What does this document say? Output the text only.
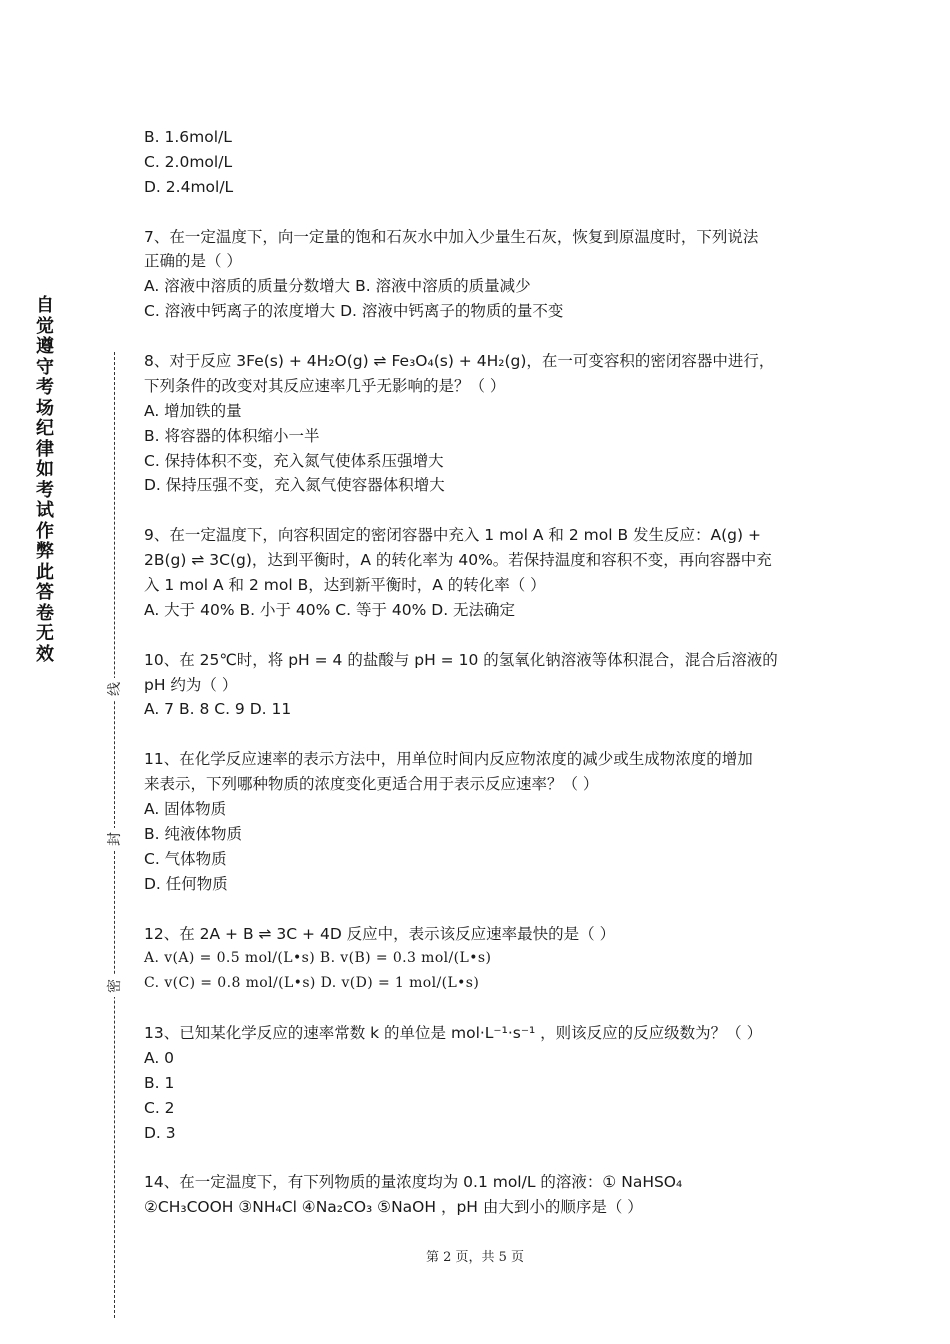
自觉遵守考场纪律如考试作弊此答卷无效
线
封
密
B. 1.6mol/L
C. 2.0mol/L
D. 2.4mol/L
7、在一定温度下，向一定量的饱和石灰水中加入少量生石灰，恢复到原温度时，下列说法
正确的是（ ）
A. 溶液中溶质的质量分数增大 B. 溶液中溶质的质量减少
C. 溶液中钙离子的浓度增大 D. 溶液中钙离子的物质的量不变
8、对于反应 3Fe(s) + 4H₂O(g) ⇌ Fe₃O₄(s) + 4H₂(g)，在一可变容积的密闭容器中进行，
下列条件的改变对其反应速率几乎无影响的是？（ ）
A. 增加铁的量
B. 将容器的体积缩小一半
C. 保持体积不变，充入氮气使体系压强增大
D. 保持压强不变，充入氮气使容器体积增大
9、在一定温度下，向容积固定的密闭容器中充入 1 mol A 和 2 mol B 发生反应：A(g) +
2B(g) ⇌ 3C(g)，达到平衡时，A 的转化率为 40%。若保持温度和容积不变，再向容器中充
入 1 mol A 和 2 mol B，达到新平衡时，A 的转化率（ ）
A. 大于 40% B. 小于 40% C. 等于 40% D. 无法确定
10、在 25℃时，将 pH = 4 的盐酸与 pH = 10 的氢氧化钠溶液等体积混合，混合后溶液的
pH 约为（ ）
A. 7 B. 8 C. 9 D. 11
11、在化学反应速率的表示方法中，用单位时间内反应物浓度的减少或生成物浓度的增加
来表示，下列哪种物质的浓度变化更适合用于表示反应速率？（ ）
A. 固体物质
B. 纯液体物质
C. 气体物质
D. 任何物质
12、在 2A + B ⇌ 3C + 4D 反应中，表示该反应速率最快的是（ ）
A. v(A) = 0.5 mol/(L•s) B. v(B) = 0.3 mol/(L•s)
C. v(C) = 0.8 mol/(L•s) D. v(D) = 1 mol/(L•s)
13、已知某化学反应的速率常数 k 的单位是 mol·L⁻¹·s⁻¹ ，则该反应的反应级数为？（ ）
A. 0
B. 1
C. 2
D. 3
14、在一定温度下，有下列物质的量浓度均为 0.1 mol/L 的溶液：① NaHSO₄
②CH₃COOH ③NH₄Cl ④Na₂CO₃ ⑤NaOH ，pH 由大到小的顺序是（ ）
第 2 页，共 5 页
